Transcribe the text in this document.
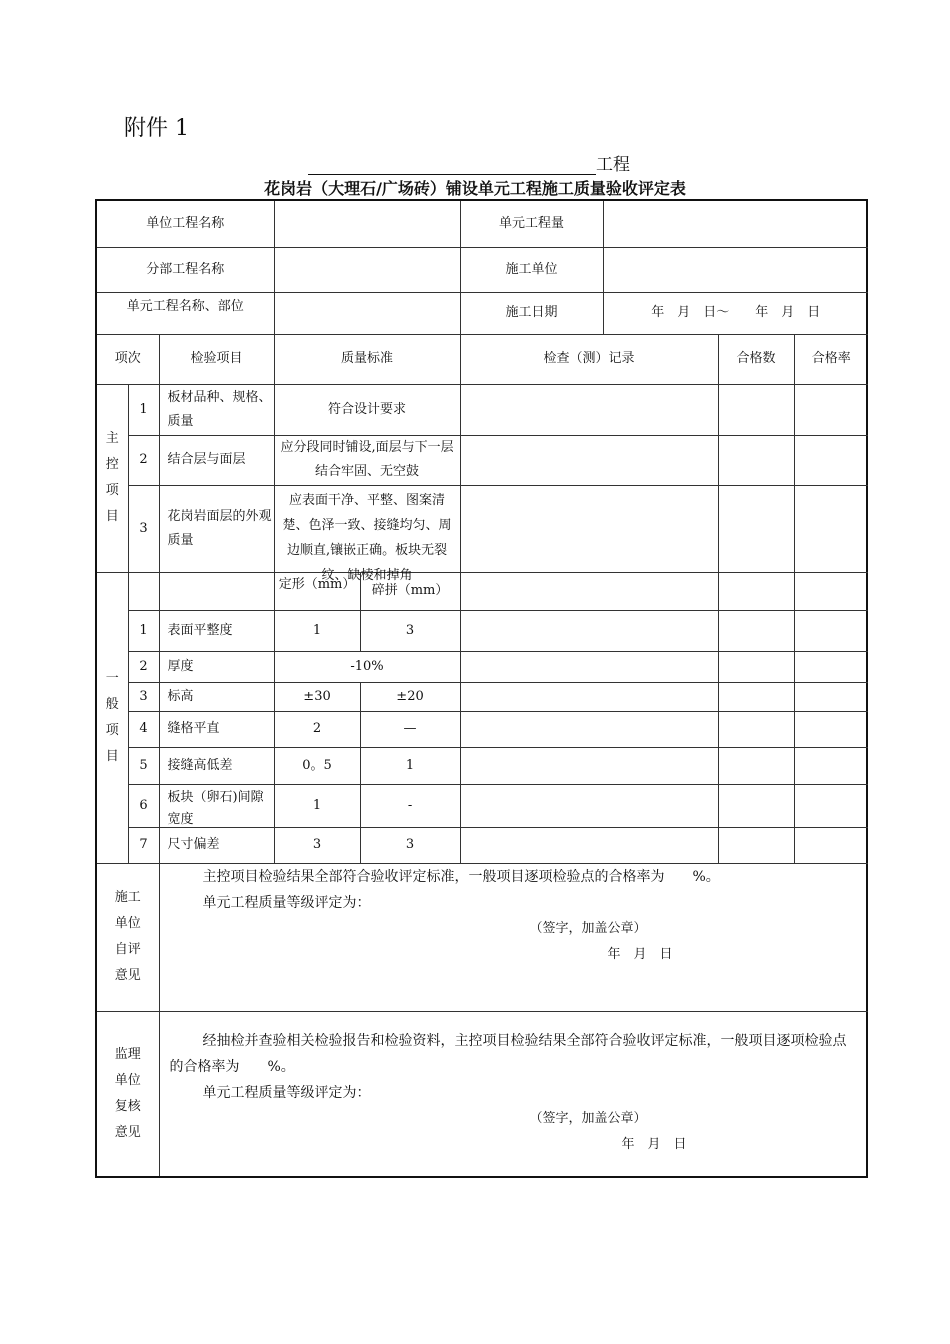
附件 1
工程
花岗岩（大理石/广场砖）铺设单元工程施工质量验收评定表
单位工程名称					单元工程量			
分部工程名称					施工单位			

单元工程名称、部位					施工日期	年　月　日～　　年　月　日		
项次		检验项目	质量标准		检查（测）记录		合格数	合格率
主控项目	1	板材品种、规格、质量	符合设计要求					
	2	结合层与面层	应分段同时铺设,面层与下一层结合牢固、无空鼓					
	3	花岗岩面层的外观质量	应表面干净、平整、图案清楚、色泽一致、接缝均匀、周边顺直,镶嵌正确。板块无裂纹、缺棱和掉角					

一般项目			定形（mm）	碎拼（mm）				
	1	表面平整度	1	3				
	2	厚度	-10%					
	3	标高	±30	±20				
	4	缝格平直	2	—				
	5	接缝高低差	0。5	1				
	6	板块（卵石)间隙宽度	1	-				
	7	尺寸偏差	3	3				
施工单位自评意见		主控项目检验结果全部符合验收评定标准，一般项目逐项检验点的合格率为　　%。

单元工程质量等级评定为：

（签字，加盖公章）

年　月　日						

监理单位复核意见		经抽检并查验相关检验报告和检验资料，主控项目检验结果全部符合验收评定标准，一般项目逐项检验点的合格率为　　%。

单元工程质量等级评定为：

（签字，加盖公章）

年　月　日						
